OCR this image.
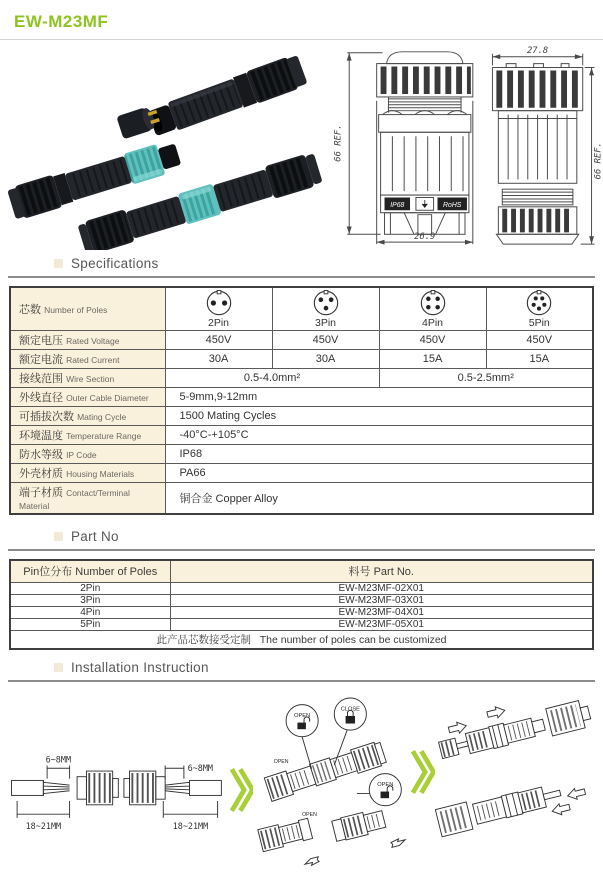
EW-M23MF
IP68	RoHS
66 REF.
26.9
27.8
66 REF.
Specifications
芯数 Number of Poles	2Pin	3Pin	4Pin	5Pin

额定电压 Rated Voltage	450V	450V	450V	450V
额定电流 Rated Current	30A	30A	15A	15A
接线范围 Wire Section	0.5-4.0mm²		0.5-2.5mm²	
外线直径 Outer Cable Diameter	5-9mm,9-12mm			
可插拔次数 Mating Cycle	1500 Mating Cycles			
环境温度 Temperature Range	-40°C-+105°C			
防水等级 IP Code	IP68			
外壳材质 Housing Materials	PA66			
端子材质 Contact/Terminal Material	铜合金 Copper Alloy			
Part No
Pin位分布 Number of Poles	料号 Part No.
2Pin	EW-M23MF-02X01
3Pin	EW-M23MF-03X01
4Pin	EW-M23MF-04X01
5Pin	EW-M23MF-05X01
此产品芯数接受定制 The number of poles can be customized	
Installation Instruction
6~8MM
18~21MM
6~8MM
18~21MM
OPEN
CLOSE
OPEN
OPEN
OPEN
